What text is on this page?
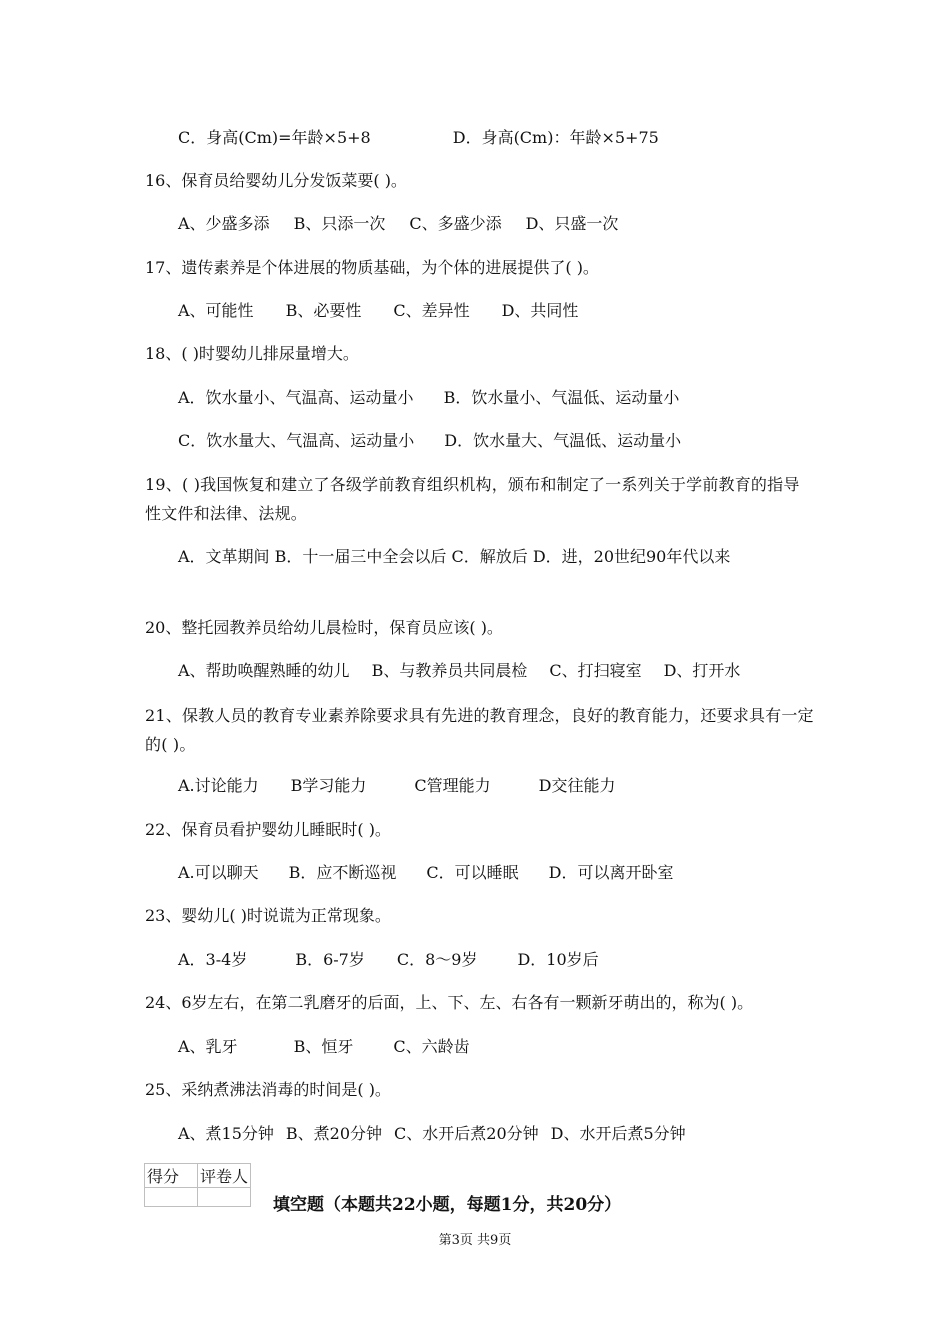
C．身高(Cm)=年龄×5+8	D．身高(Cm)：年龄×5+75
16、保育员给婴幼儿分发饭菜要( )。
A、少盛多添 B、只添一次 C、多盛少添 D、只盛一次
17、遗传素养是个体进展的物质基础，为个体的进展提供了( )。
A、可能性 B、必要性 C、差异性 D、共同性
18、( )时婴幼儿排尿量增大。
A．饮水量小、气温高、运动量小 B．饮水量小、气温低、运动量小
C．饮水量大、气温高、运动量小 D．饮水量大、气温低、运动量小
19、( )我国恢复和建立了各级学前教育组织机构，颁布和制定了一系列关于学前教育的指导性文件和法律、法规。
A．文革期间 B．十一届三中全会以后 C．解放后 D．进，20世纪90年代以来
20、整托园教养员给幼儿晨检时，保育员应该( )。
A、帮助唤醒熟睡的幼儿 B、与教养员共同晨检 C、打扫寝室 D、打开水
21、保教人员的教育专业素养除要求具有先进的教育理念，良好的教育能力，还要求具有一定的( )。
A.讨论能力 B学习能力	C管理能力	D交往能力
22、保育员看护婴幼儿睡眠时( )。
A.可以聊天 B．应不断巡视 C．可以睡眠 D．可以离开卧室
23、婴幼儿( )时说谎为正常现象。
A．3-4岁	B．6-7岁 C．8～9岁	D．10岁后
24、6岁左右，在第二乳磨牙的后面，上、下、左、右各有一颗新牙萌出的，称为( )。
A、乳牙	B、恒牙	C、六龄齿
25、采纳煮沸法消毒的时间是( )。
A、煮15分钟 B、煮20分钟 C、水开后煮20分钟 D、水开后煮5分钟
得分	评卷人

填空题（本题共22小题，每题1分，共20分）
第3页 共9页
